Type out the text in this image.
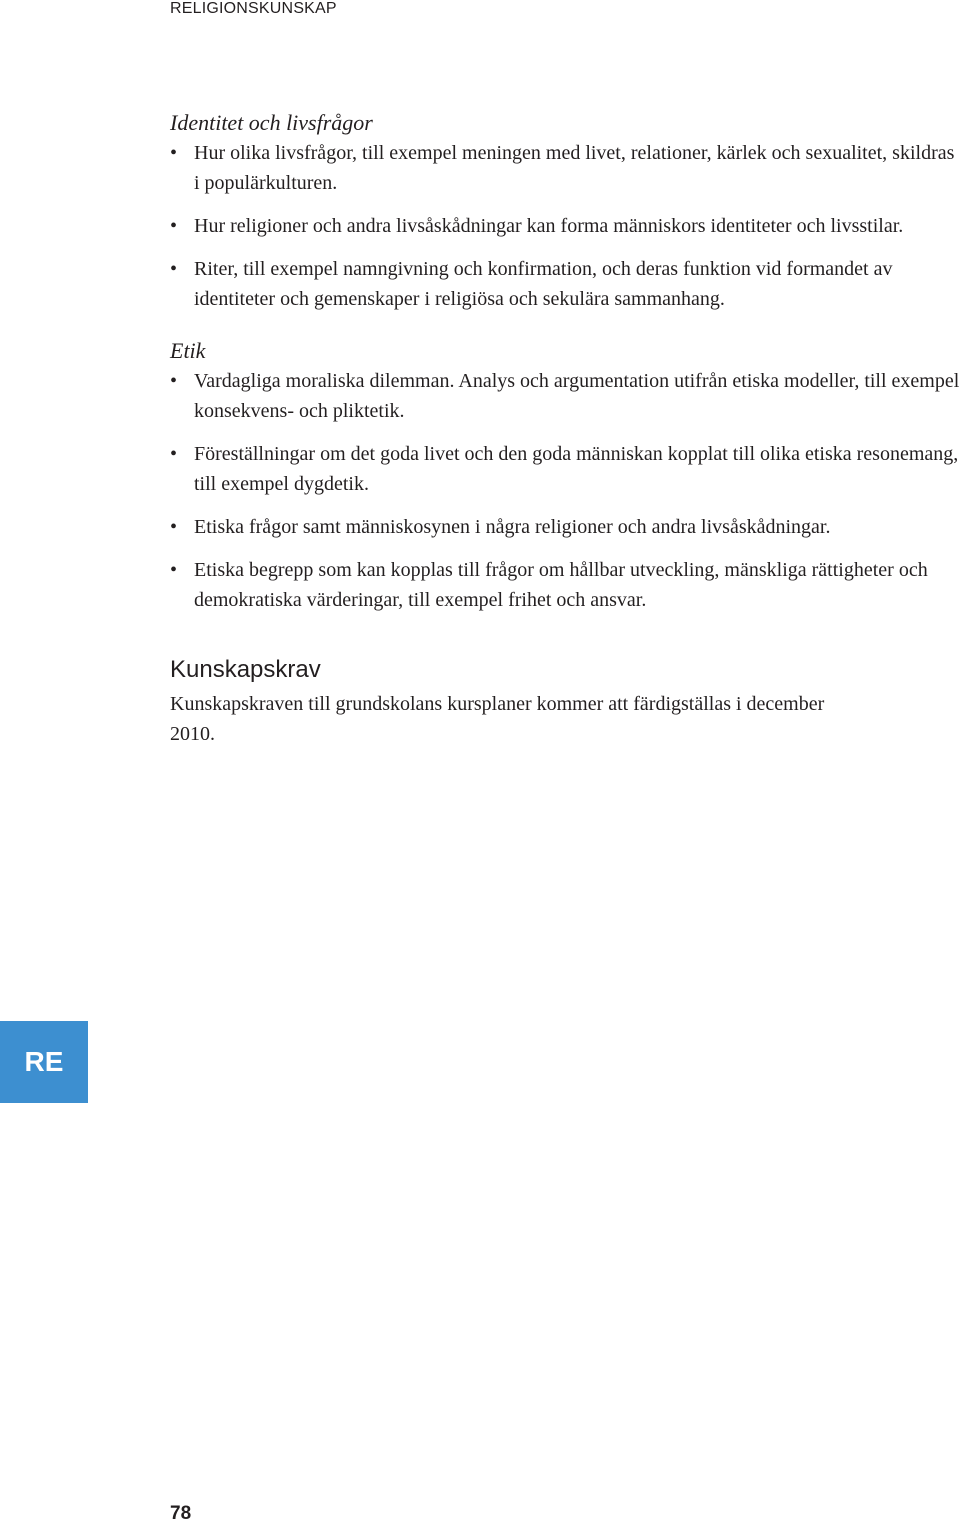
RELIGIONSKUNSKAP

Identitet och livsfrågor

• Hur olika livsfrågor, till exempel meningen med livet, relationer, kärlek och sexualitet, skildras i populärkulturen.
• Hur religioner och andra livsåskådningar kan forma människors identiteter och livsstilar.
• Riter, till exempel namngivning och konfirmation, och deras funktion vid formandet av identiteter och gemenskaper i religiösa och sekulära sammanhang.

Etik

• Vardagliga moraliska dilemman. Analys och argumentation utifrån etiska modeller, till exempel konsekvens- och pliktetik.
• Föreställningar om det goda livet och den goda människan kopplat till olika etiska resonemang, till exempel dygdetik.
• Etiska frågor samt människosynen i några religioner och andra livsåskådningar.
• Etiska begrepp som kan kopplas till frågor om hållbar utveckling, mänskliga rättigheter och demokratiska värderingar, till exempel frihet och ansvar.
Kunskapskrav

Kunskapskraven till grundskolans kursplaner kommer att färdigställas i december 2010.

RE
78
